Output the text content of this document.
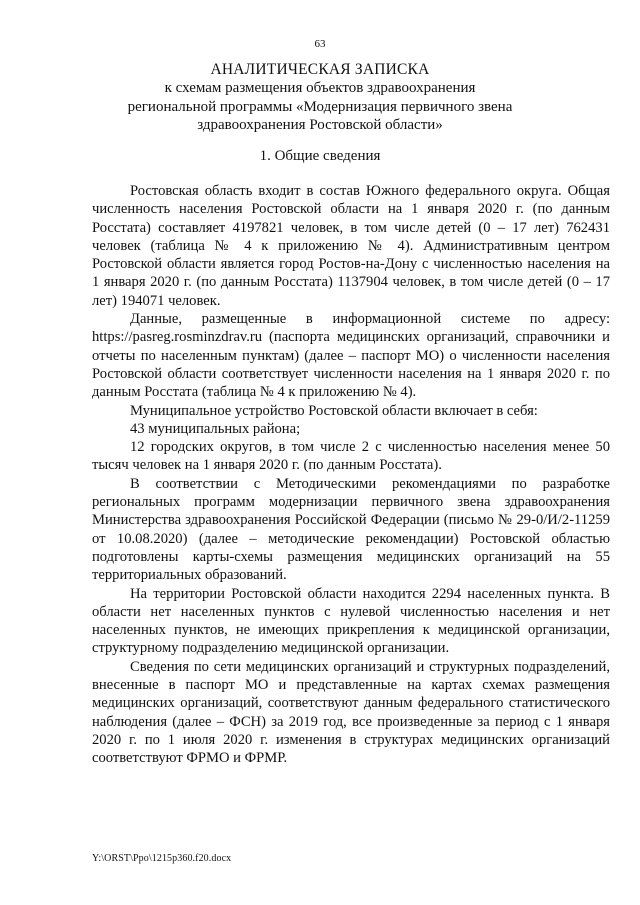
63
АНАЛИТИЧЕСКАЯ ЗАПИСКА
к схемам размещения объектов здравоохранения
региональной программы «Модернизация первичного звена
здравоохранения Ростовской области»
1. Общие сведения

Ростовская область входит в состав Южного федерального округа. Общая численность населения Ростовской области на 1 января 2020 г. (по данным Росстата) составляет 4197821 человек, в том числе детей (0 – 17 лет) 762431 человек (таблица № 4 к приложению № 4). Административным центром Ростовской области является город Ростов-на-Дону с численностью населения на 1 января 2020 г. (по данным Росстата) 1137904 человек, в том числе детей (0 – 17 лет) 194071 человек.

Данные, размещенные в информационной системе по адресу: https://pasreg.rosminzdrav.ru (паспорта медицинских организаций, справочники и отчеты по населенным пунктам) (далее – паспорт МО) о численности населения Ростовской области соответствует численности населения на 1 января 2020 г. по данным Росстата (таблица № 4 к приложению № 4).

Муниципальное устройство Ростовской области включает в себя:

43 муниципальных района;

12 городских округов, в том числе 2 с численностью населения менее 50 тысяч человек на 1 января 2020 г. (по данным Росстата).

В соответствии с Методическими рекомендациями по разработке региональных программ модернизации первичного звена здравоохранения Министерства здравоохранения Российской Федерации (письмо № 29-0/И/2-11259 от 10.08.2020) (далее – методические рекомендации) Ростовской областью подготовлены карты-схемы размещения медицинских организаций на 55 территориальных образований.

На территории Ростовской области находится 2294 населенных пункта. В области нет населенных пунктов с нулевой численностью населения и нет населенных пунктов, не имеющих прикрепления к медицинской организации, структурному подразделению медицинской организации.

Сведения по сети медицинских организаций и структурных подразделений, внесенные в паспорт МО и представленные на картах схемах размещения медицинских организаций, соответствуют данным федерального статистического наблюдения (далее – ФСН) за 2019 год, все произведенные за период с 1 января 2020 г. по 1 июля 2020 г. изменения в структурах медицинских организаций соответствуют ФРМО и ФРМР.

Y:\ORST\Ppo\1215p360.f20.docx
